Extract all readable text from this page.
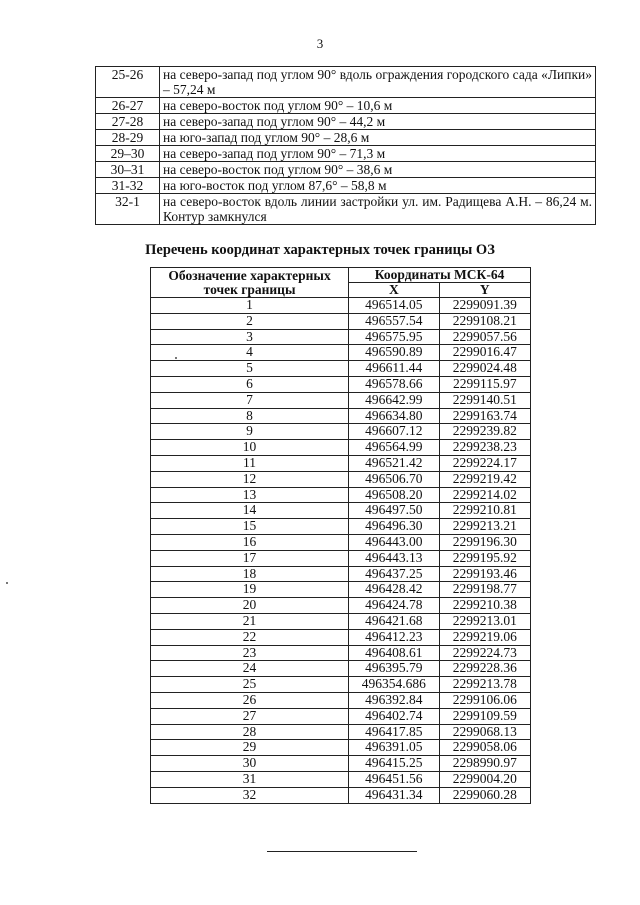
3
25-26	на северо-запад под углом 90° вдоль ограждения городского сада «Липки» – 57,24 м
26-27	на северо-восток под углом 90° – 10,6 м
27-28	на северо-запад под углом 90° – 44,2 м
28-29	на юго-запад под углом 90° – 28,6 м
29–30	на северо-запад под углом 90° – 71,3 м
30–31	на северо-восток под углом 90° – 38,6 м
31-32	на юго-восток под углом 87,6° – 58,8 м
32-1	на северо-восток вдоль линии застройки ул. им. Радищева А.Н. – 86,24 м. Контур замкнулся
Перечень координат характерных точек границы ОЗ
Обозначение характерных точек границы	Координаты МСК-64	
	X	Y
1	496514.05	2299091.39
2	496557.54	2299108.21
3	496575.95	2299057.56
4	496590.89	2299016.47
5	496611.44	2299024.48
6	496578.66	2299115.97
7	496642.99	2299140.51
8	496634.80	2299163.74
9	496607.12	2299239.82
10	496564.99	2299238.23
11	496521.42	2299224.17
12	496506.70	2299219.42
13	496508.20	2299214.02
14	496497.50	2299210.81
15	496496.30	2299213.21
16	496443.00	2299196.30
17	496443.13	2299195.92
18	496437.25	2299193.46
19	496428.42	2299198.77
20	496424.78	2299210.38
21	496421.68	2299213.01
22	496412.23	2299219.06
23	496408.61	2299224.73
24	496395.79	2299228.36
25	496354.686	2299213.78
26	496392.84	2299106.06
27	496402.74	2299109.59
28	496417.85	2299068.13
29	496391.05	2299058.06
30	496415.25	2298990.97
31	496451.56	2299004.20
32	496431.34	2299060.28
